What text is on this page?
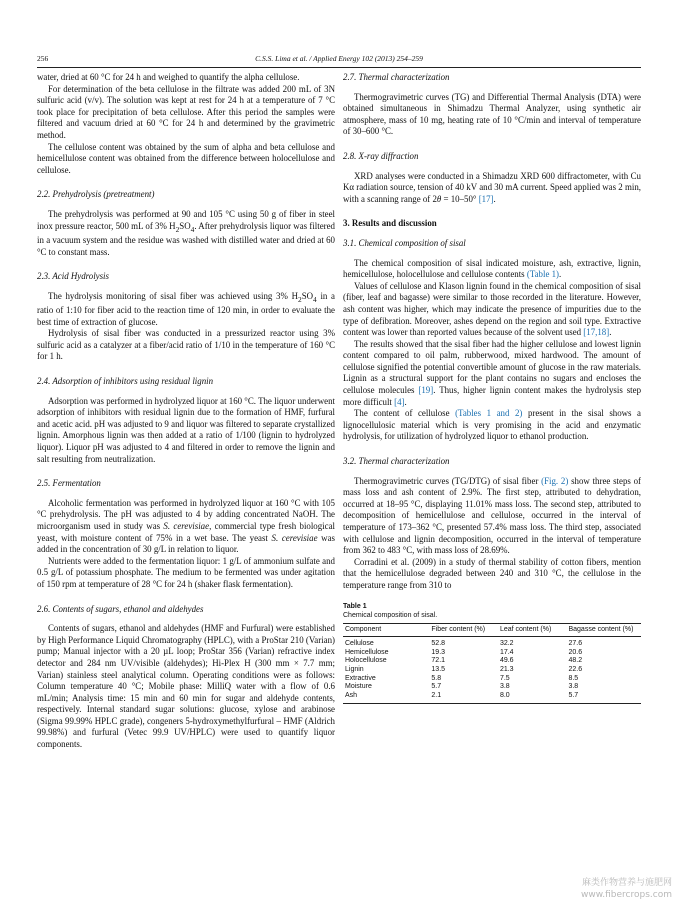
256	C.S.S. Lima et al. / Applied Energy 102 (2013) 254–259

water, dried at 60 °C for 24 h and weighed to quantify the alpha cellulose.

For determination of the beta cellulose in the filtrate was added 200 mL of 3N sulfuric acid (v/v). The solution was kept at rest for 24 h at a temperature of 7 °C took place for precipitation of beta cellulose. After this period the samples were filtered and vacuum dried at 60 °C for 24 h and determined by the gravimetric method.

The cellulose content was obtained by the sum of alpha and beta cellulose and hemicellulose content was obtained from the difference between holocellulose and cellulose.

2.2. Prehydrolysis (pretreatment)

The prehydrolysis was performed at 90 and 105 °C using 50 g of fiber in steel inox pressure reactor, 500 mL of 3% $H_2SO_4$. After prehydrolysis liquor was filtered in a vacuum system and the residue was washed with distilled water and dried at 60 °C to constant mass.

2.3. Acid Hydrolysis

The hydrolysis monitoring of sisal fiber was achieved using 3% $H_2SO_4$ in a ratio of 1:10 for fiber acid to the reaction time of 120 min, in order to evaluate the best time of extraction of glucose.

Hydrolysis of sisal fiber was conducted in a pressurized reactor using 3% sulfuric acid as a catalyzer at a fiber/acid ratio of 1/10 in the temperature of 160 °C for 1 h.

2.4. Adsorption of inhibitors using residual lignin

Adsorption was performed in hydrolyzed liquor at 160 °C. The liquor underwent adsorption of inhibitors with residual lignin due to the formation of HMF, furfural and acetic acid. pH was adjusted to 9 and liquor was filtered to separate crystallized lignin. Amorphous lignin was then added at a ratio of 1/100 (lignin to hydrolyzed liquor). Liquor pH was adjusted to 4 and filtered in order to remove the lignin and salt resulting from neutralization.

2.5. Fermentation

Alcoholic fermentation was performed in hydrolyzed liquor at 160 °C with 105 °C prehydrolysis. The pH was adjusted to 4 by adding concentrated NaOH. The microorganism used in study was S. cerevisiae, commercial type fresh biological yeast, with moisture content of 75% in a wet base. The yeast S. cerevisiae was added in the concentration of 30 g/L in relation to liquor.

Nutrients were added to the fermentation liquor: 1 g/L of ammonium sulfate and 0.5 g/L of potassium phosphate. The medium to be fermented was under agitation of 150 rpm at temperature of 28 °C for 24 h (shaker flask fermentation).

2.6. Contents of sugars, ethanol and aldehydes

Contents of sugars, ethanol and aldehydes (HMF and Furfural) were established by High Performance Liquid Chromatography (HPLC), with a ProStar 210 (Varian) pump; Manual injector with a 20 µL loop; ProStar 356 (Varian) refractive index detector and 284 nm UV/visible (aldehydes); Hi-Plex H (300 mm × 7.7 mm; Varian) stainless steel analytical column. Operating conditions were as follows: Column temperature 40 °C; Mobile phase: MilliQ water with a flow of 0.6 mL/min; Analysis time: 15 min and 60 min for sugar and aldehyde contents, respectively. Internal standard sugar solutions: glucose, xylose and arabinose (Sigma 99.99% HPLC grade), congeners 5-hydroxymethylfurfural – HMF (Aldrich 99.98%) and furfural (Vetec 99.9 UV/HPLC) were used to quantify liquor components.

2.7. Thermal characterization

Thermogravimetric curves (TG) and Differential Thermal Analysis (DTA) were obtained simultaneous in Shimadzu Thermal Analyzer, using synthetic air atmosphere, mass of 10 mg, heating rate of 10 °C/min and interval of temperature of 30–600 °C.

2.8. X-ray diffraction

XRD analyses were conducted in a Shimadzu XRD 600 diffractometer, with Cu Kα radiation source, tension of 40 kV and 30 mA current. Speed applied was 2 min, with a scanning range of 2θ = 10–50° [17].

3. Results and discussion
3.1. Chemical composition of sisal

The chemical composition of sisal indicated moisture, ash, extractive, lignin, hemicellulose, holocellulose and cellulose contents (Table 1).

Values of cellulose and Klason lignin found in the chemical composition of sisal (fiber, leaf and bagasse) were similar to those recorded in the literature. However, ash content was higher, which may indicate the presence of impurities due to the type of defibration. Moreover, ashes depend on the region and soil type. Extractive content was lower than reported values because of the solvent used [17,18].

The results showed that the sisal fiber had the higher cellulose and lowest lignin content compared to oil palm, rubberwood, mixed hardwood. The amount of cellulose signified the potential convertible amount of glucose in the raw materials. Lignin as a structural support for the plant contains no sugars and encloses the cellulose molecules [19]. Thus, higher lignin content makes the hydrolysis step more difficult [4].

The content of cellulose (Tables 1 and 2) present in the sisal shows a lignocellulosic material which is very promising in the acid and enzymatic hydrolysis, for utilization of hydrolyzed liquor to ethanol production.

3.2. Thermal characterization

Thermogravimetric curves (TG/DTG) of sisal fiber (Fig. 2) show three steps of mass loss and ash content of 2.9%. The first step, attributed to dehydration, occurred at 18–95 °C, displaying 11.01% mass loss. The second step, attributed to decomposition of hemicellulose and cellulose, occurred in the interval of temperature of 173–362 °C, presented 57.4% mass loss. The third step, associated with cellulose and lignin decomposition, occurred in the interval of temperature from 362 to 483 °C, with mass loss of 28.69%.

Corradini et al. (2009) in a study of thermal stability of cotton fibers, mention that the hemicellulose degraded between 240 and 310 °C, the cellulose in the temperature range from 310 to

Table 1
Chemical composition of sisal.
Component	Fiber content (%)	Leaf content (%)	Bagasse content (%)
Cellulose	52.8	32.2	27.6
Hemicellulose	19.3	17.4	20.6
Holocellulose	72.1	49.6	48.2
Lignin	13.5	21.3	22.6
Extractive	5.8	7.5	8.5
Moisture	5.7	3.8	3.8
Ash	2.1	8.0	5.7
麻类作物营养与施肥网
www.fibercrops.com
